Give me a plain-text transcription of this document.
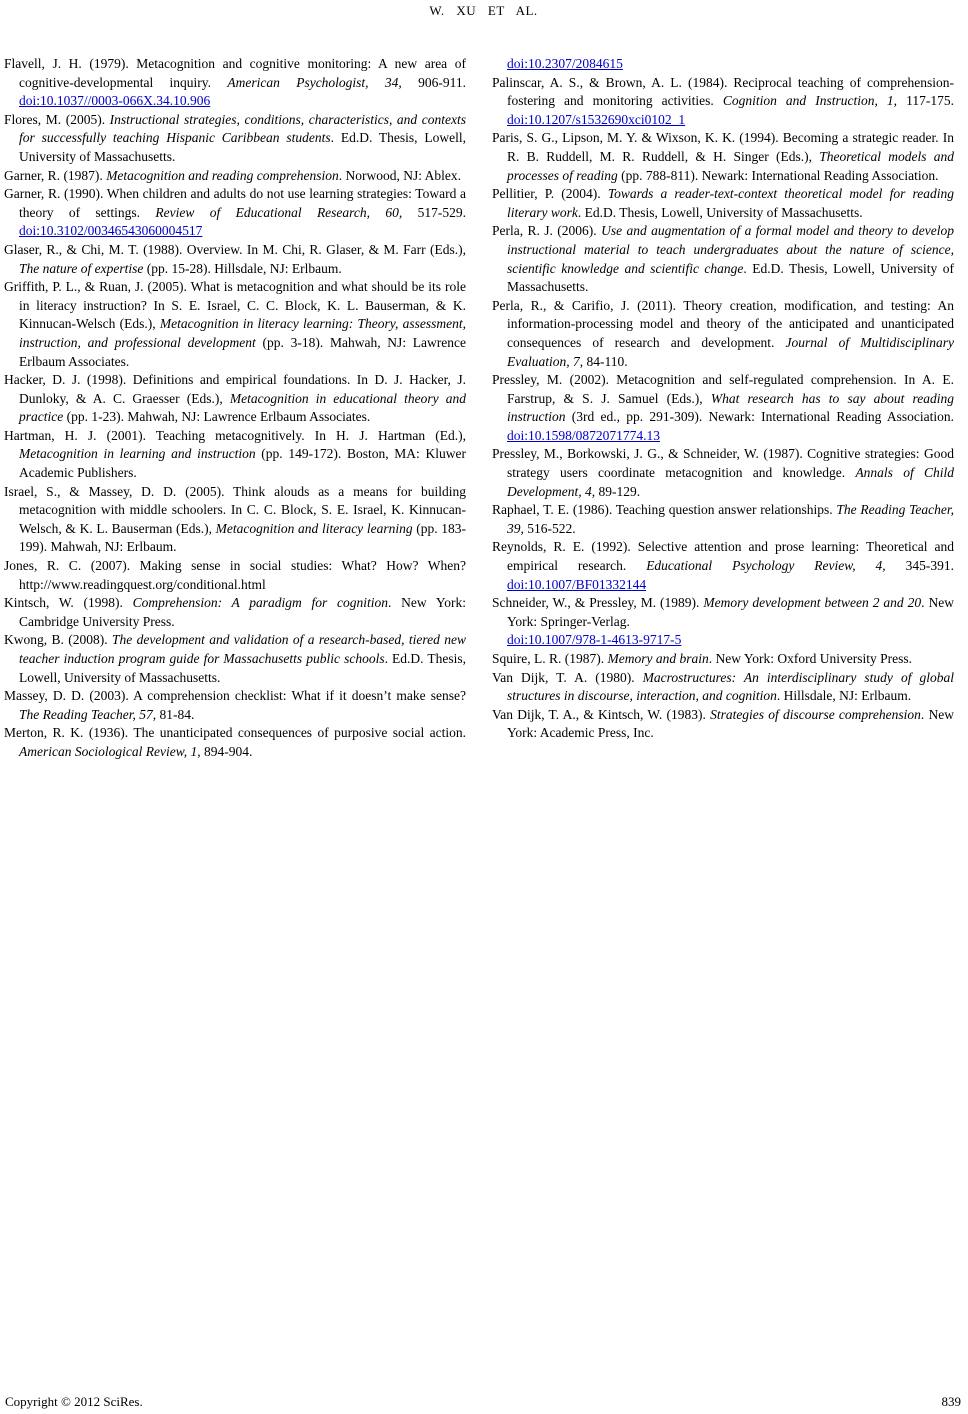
W. XU ET AL.

Flavell, J. H. (1979). Metacognition and cognitive monitoring: A new area of cognitive-developmental inquiry. American Psychologist, 34, 906-911. doi:10.1037//0003-066X.34.10.906

Flores, M. (2005). Instructional strategies, conditions, characteristics, and contexts for successfully teaching Hispanic Caribbean students. Ed.D. Thesis, Lowell, University of Massachusetts.

Garner, R. (1987). Metacognition and reading comprehension. Norwood, NJ: Ablex.

Garner, R. (1990). When children and adults do not use learning strategies: Toward a theory of settings. Review of Educational Research, 60, 517-529. doi:10.3102/00346543060004517

Glaser, R., & Chi, M. T. (1988). Overview. In M. Chi, R. Glaser, & M. Farr (Eds.), The nature of expertise (pp. 15-28). Hillsdale, NJ: Erlbaum.

Griffith, P. L., & Ruan, J. (2005). What is metacognition and what should be its role in literacy instruction? In S. E. Israel, C. C. Block, K. L. Bauserman, & K. Kinnucan-Welsch (Eds.), Metacognition in literacy learning: Theory, assessment, instruction, and professional development (pp. 3-18). Mahwah, NJ: Lawrence Erlbaum Associates.

Hacker, D. J. (1998). Definitions and empirical foundations. In D. J. Hacker, J. Dunloky, & A. C. Graesser (Eds.), Metacognition in educational theory and practice (pp. 1-23). Mahwah, NJ: Lawrence Erlbaum Associates.

Hartman, H. J. (2001). Teaching metacognitively. In H. J. Hartman (Ed.), Metacognition in learning and instruction (pp. 149-172). Boston, MA: Kluwer Academic Publishers.

Israel, S., & Massey, D. D. (2005). Think alouds as a means for building metacognition with middle schoolers. In C. C. Block, S. E. Israel, K. Kinnucan-Welsch, & K. L. Bauserman (Eds.), Metacognition and literacy learning (pp. 183-199). Mahwah, NJ: Erlbaum.

Jones, R. C. (2007). Making sense in social studies: What? How? When? http://www.readingquest.org/conditional.html

Kintsch, W. (1998). Comprehension: A paradigm for cognition. New York: Cambridge University Press.

Kwong, B. (2008). The development and validation of a research-based, tiered new teacher induction program guide for Massachusetts public schools. Ed.D. Thesis, Lowell, University of Massachusetts.

Massey, D. D. (2003). A comprehension checklist: What if it doesn’t make sense? The Reading Teacher, 57, 81-84.

Merton, R. K. (1936). The unanticipated consequences of purposive social action. American Sociological Review, 1, 894-904.

doi:10.2307/2084615

Palinscar, A. S., & Brown, A. L. (1984). Reciprocal teaching of comprehension-fostering and monitoring activities. Cognition and Instruction, 1, 117-175. doi:10.1207/s1532690xci0102_1

Paris, S. G., Lipson, M. Y. & Wixson, K. K. (1994). Becoming a strategic reader. In R. B. Ruddell, M. R. Ruddell, & H. Singer (Eds.), Theoretical models and processes of reading (pp. 788-811). Newark: International Reading Association.

Pellitier, P. (2004). Towards a reader-text-context theoretical model for reading literary work. Ed.D. Thesis, Lowell, University of Massachusetts.

Perla, R. J. (2006). Use and augmentation of a formal model and theory to develop instructional material to teach undergraduates about the nature of science, scientific knowledge and scientific change. Ed.D. Thesis, Lowell, University of Massachusetts.

Perla, R., & Carifio, J. (2011). Theory creation, modification, and testing: An information-processing model and theory of the anticipated and unanticipated consequences of research and development. Journal of Multidisciplinary Evaluation, 7, 84-110.

Pressley, M. (2002). Metacognition and self-regulated comprehension. In A. E. Farstrup, & S. J. Samuel (Eds.), What research has to say about reading instruction (3rd ed., pp. 291-309). Newark: International Reading Association. doi:10.1598/0872071774.13

Pressley, M., Borkowski, J. G., & Schneider, W. (1987). Cognitive strategies: Good strategy users coordinate metacognition and knowledge. Annals of Child Development, 4, 89-129.

Raphael, T. E. (1986). Teaching question answer relationships. The Reading Teacher, 39, 516-522.

Reynolds, R. E. (1992). Selective attention and prose learning: Theoretical and empirical research. Educational Psychology Review, 4, 345-391. doi:10.1007/BF01332144

Schneider, W., & Pressley, M. (1989). Memory development between 2 and 20. New York: Springer-Verlag.
doi:10.1007/978-1-4613-9717-5

Squire, L. R. (1987). Memory and brain. New York: Oxford University Press.

Van Dijk, T. A. (1980). Macrostructures: An interdisciplinary study of global structures in discourse, interaction, and cognition. Hillsdale, NJ: Erlbaum.

Van Dijk, T. A., & Kintsch, W. (1983). Strategies of discourse comprehension. New York: Academic Press, Inc.

Copyright © 2012 SciRes.	839
